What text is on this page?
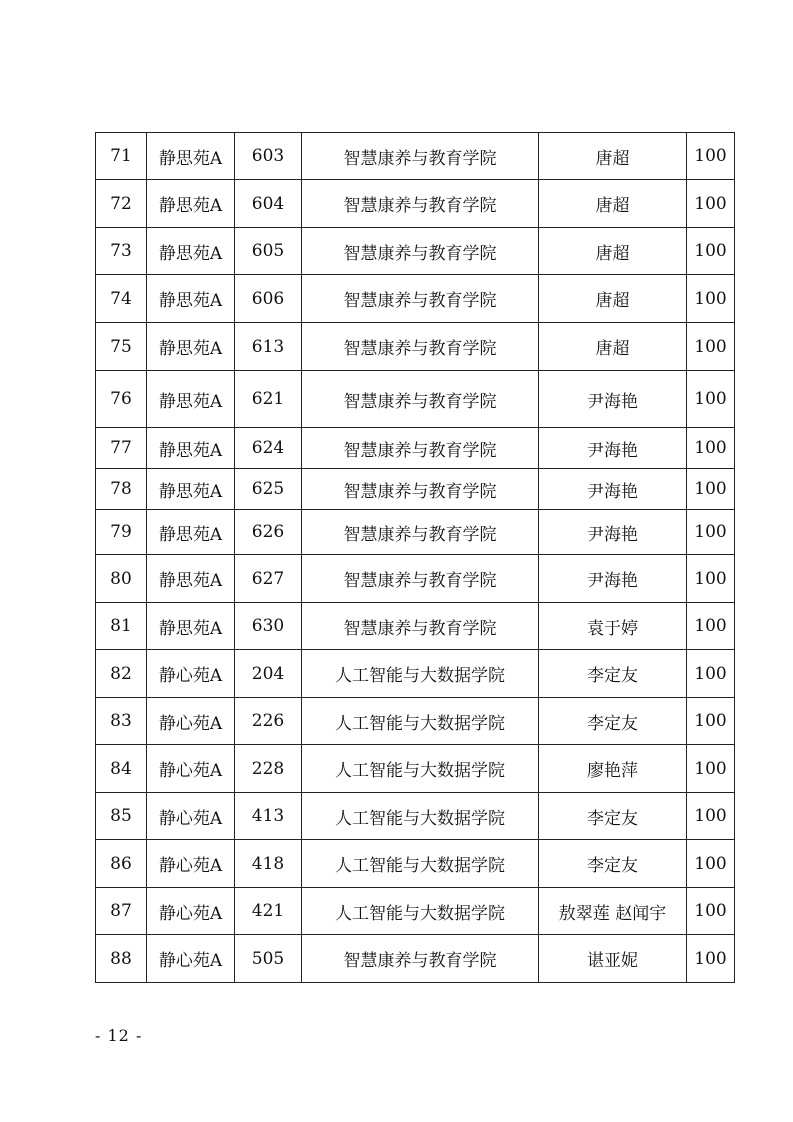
71	静思苑A	603	智慧康养与教育学院	唐超	100
72	静思苑A	604	智慧康养与教育学院	唐超	100
73	静思苑A	605	智慧康养与教育学院	唐超	100
74	静思苑A	606	智慧康养与教育学院	唐超	100
75	静思苑A	613	智慧康养与教育学院	唐超	100
76	静思苑A	621	智慧康养与教育学院	尹海艳	100
77	静思苑A	624	智慧康养与教育学院	尹海艳	100
78	静思苑A	625	智慧康养与教育学院	尹海艳	100
79	静思苑A	626	智慧康养与教育学院	尹海艳	100
80	静思苑A	627	智慧康养与教育学院	尹海艳	100
81	静思苑A	630	智慧康养与教育学院	袁于婷	100
82	静心苑A	204	人工智能与大数据学院	李定友	100
83	静心苑A	226	人工智能与大数据学院	李定友	100
84	静心苑A	228	人工智能与大数据学院	廖艳萍	100
85	静心苑A	413	人工智能与大数据学院	李定友	100
86	静心苑A	418	人工智能与大数据学院	李定友	100
87	静心苑A	421	人工智能与大数据学院	敖翠莲 赵闻宇	100
88	静心苑A	505	智慧康养与教育学院	谌亚妮	100
- 12 -
